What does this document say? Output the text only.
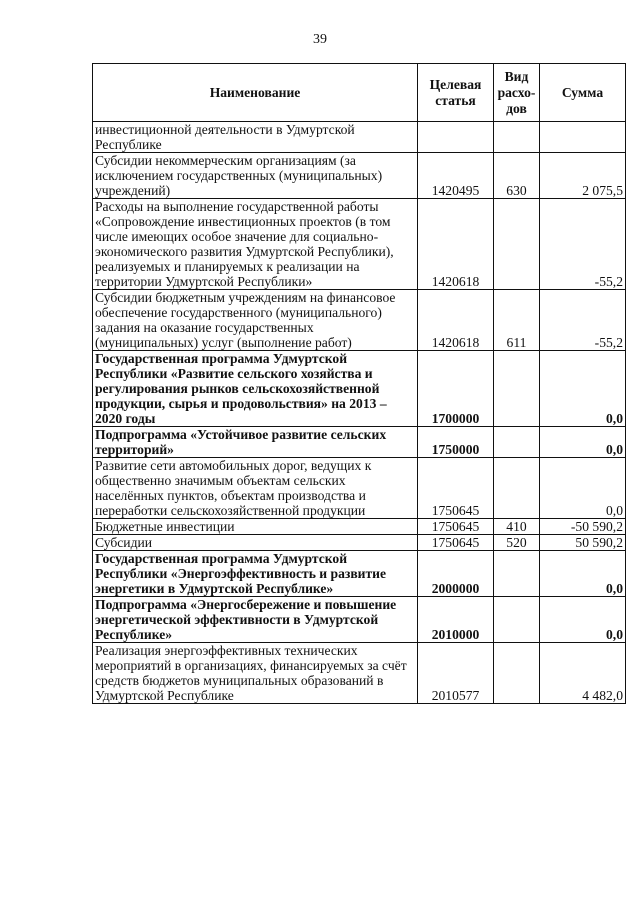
39
Наименование	Целевая статья	Вид расхо-дов	Сумма
инвестиционной деятельности в Удмуртской Республике			
Субсидии некоммерческим организациям (за исключением государственных (муниципальных) учреждений)	1420495	630	2 075,5
Расходы на выполнение государственной работы «Сопровождение инвестиционных проектов (в том числе имеющих особое значение для социально-экономического развития Удмуртской Республики), реализуемых и планируемых к реализации на территории Удмуртской Республики»	1420618		-55,2
Субсидии бюджетным учреждениям на финансовое обеспечение государственного (муниципального) задания на оказание государственных (муниципальных) услуг (выполнение работ)	1420618	611	-55,2
Государственная программа Удмуртской Республики «Развитие сельского хозяйства и регулирования рынков сельскохозяйственной продукции, сырья и продовольствия» на 2013 – 2020 годы	1700000		0,0
Подпрограмма «Устойчивое развитие сельских территорий»	1750000		0,0
Развитие сети автомобильных дорог, ведущих к общественно значимым объектам сельских населённых пунктов, объектам производства и переработки сельскохозяйственной продукции	1750645		0,0
Бюджетные инвестиции	1750645	410	-50 590,2
Субсидии	1750645	520	50 590,2
Государственная программа Удмуртской Республики «Энергоэффективность и развитие энергетики в Удмуртской Республике»	2000000		0,0
Подпрограмма «Энергосбережение и повышение энергетической эффективности в Удмуртской Республике»	2010000		0,0
Реализация энергоэффективных технических мероприятий в организациях, финансируемых за счёт средств бюджетов муниципальных образований в Удмуртской Республике	2010577		4 482,0
